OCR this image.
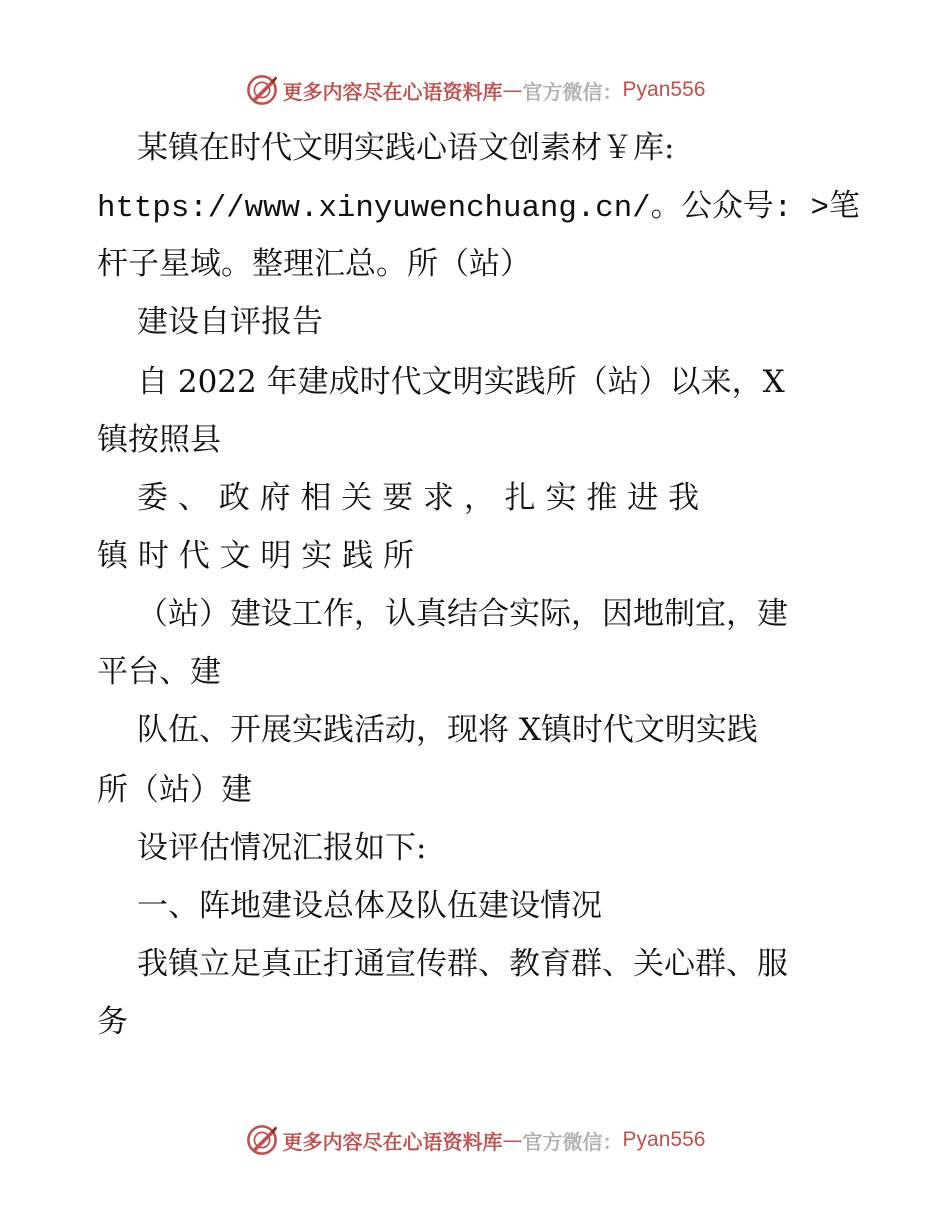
更多内容尽在心语资料库 — 官方微信： Pyan556
某镇在时代文明实践心语文创素材￥库:
https://www.xinyuwenchuang.cn/。公众号: >笔
杆子星域。整理汇总。所（站）
建设自评报告
自 2022 年建成时代文明实践所（站）以来，X
镇按照县
委 、 政 府 相 关 要 求 ， 扎 实 推 进 我
镇 时 代 文 明 实 践 所
（站）建设工作，认真结合实际，因地制宜，建
平台、建
队伍、开展实践活动，现将 X镇时代文明实践
所（站）建
设评估情况汇报如下:
一、阵地建设总体及队伍建设情况
我镇立足真正打通宣传群、教育群、关心群、服
务
更多内容尽在心语资料库 — 官方微信： Pyan556
